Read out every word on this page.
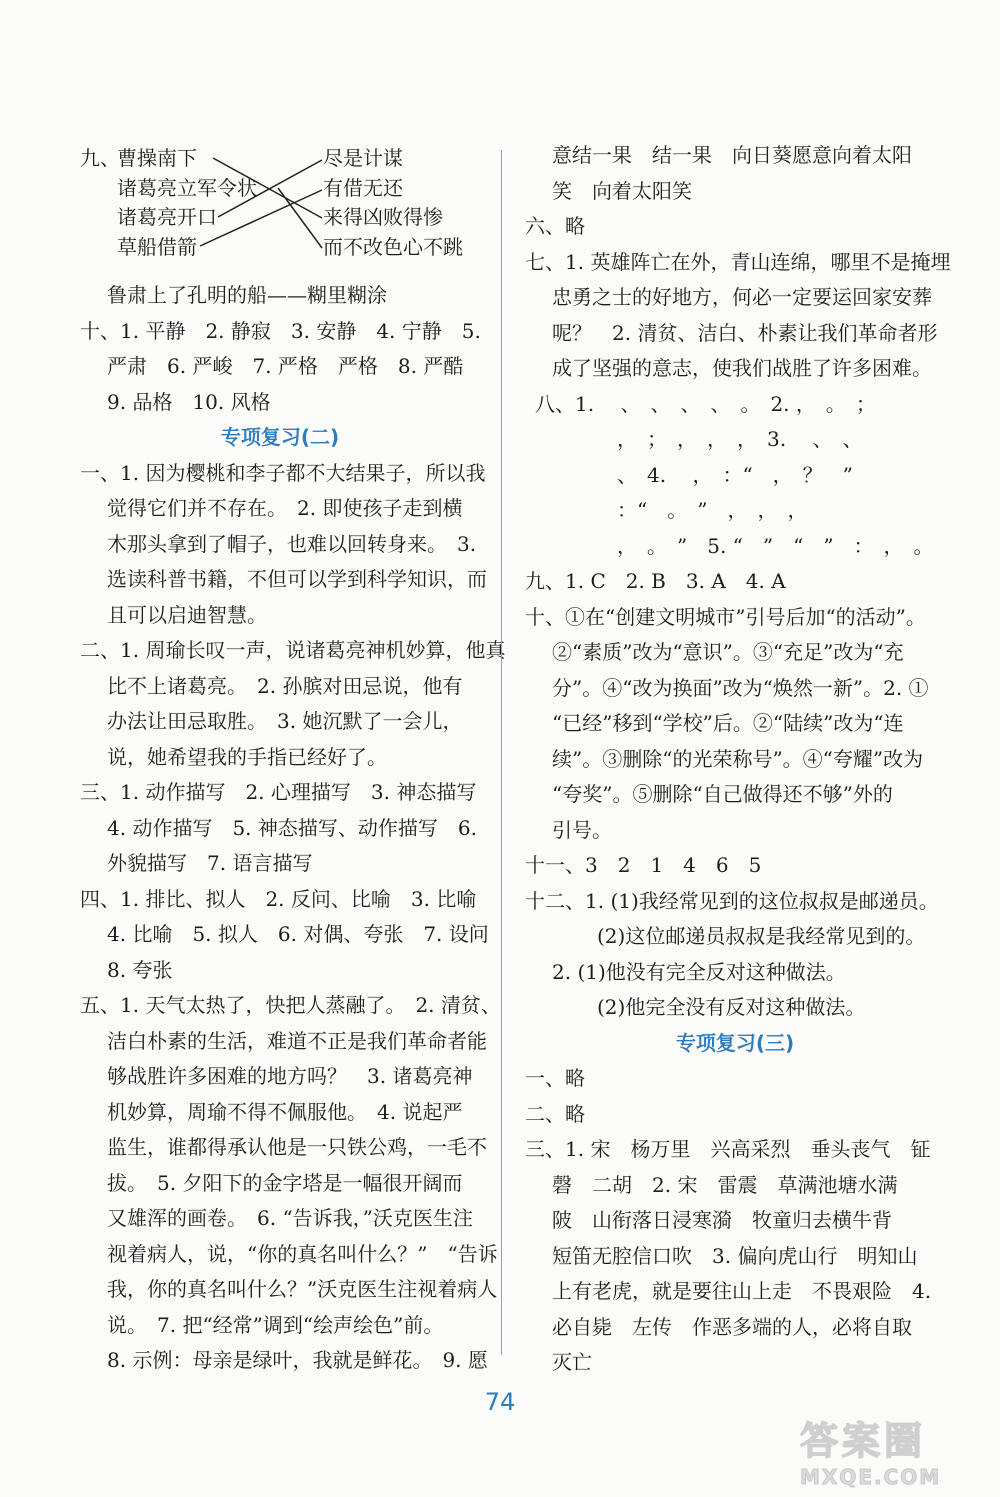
九、
曹操南下
诸葛亮立军令状
诸葛亮开口
草船借箭
尽是计谋
有借无还
来得凶败得惨
而不改色心不跳
鲁肃上了孔明的船——糊里糊涂
十、1. 平静　2. 静寂　3. 安静　4. 宁静　5.
严肃　6. 严峻　7. 严格　严格　8. 严酷
9. 品格　10. 风格
专项复习(二)
一、1. 因为樱桃和李子都不大结果子，所以我
觉得它们并不存在。　2. 即使孩子走到横
木那头拿到了帽子，也难以回转身来。　3.
选读科普书籍，不但可以学到科学知识，而
且可以启迪智慧。
二、1. 周瑜长叹一声，说诸葛亮神机妙算，他真
比不上诸葛亮。　2. 孙膑对田忌说，他有
办法让田忌取胜。　3. 她沉默了一会儿，
说，她希望我的手指已经好了。
三、1. 动作描写　2. 心理描写　3. 神态描写
4. 动作描写　5. 神态描写、动作描写　6.
外貌描写　7. 语言描写
四、1. 排比、拟人　2. 反问、比喻　3. 比喻
4. 比喻　5. 拟人　6. 对偶、夸张　7. 设问
8. 夸张
五、1. 天气太热了，快把人蒸融了。　2. 清贫、
洁白朴素的生活，难道不正是我们革命者能
够战胜许多困难的地方吗？　3. 诸葛亮神
机妙算，周瑜不得不佩服他。　4. 说起严
监生，谁都得承认他是一只铁公鸡，一毛不
拔。　5. 夕阳下的金字塔是一幅很开阔而
又雄浑的画卷。　6. “告诉我，”沃克医生注
视着病人，说，“你的真名叫什么？”　“告诉
我，你的真名叫什么？”沃克医生注视着病人
说。　7. 把“经常”调到“绘声绘色”前。
8. 示例：母亲是绿叶，我就是鲜花。　9. 愿
意结一果　结一果　向日葵愿意向着太阳
笑　向着太阳笑
六、略
七、1. 英雄阵亡在外，青山连绵，哪里不是掩埋
忠勇之士的好地方，何必一定要运回家安葬
呢？　2. 清贫、洁白、朴素让我们革命者形
成了坚强的意志，使我们战胜了许多困难。
八、1. 　、　、　、　、　。　2. ，　。　；
　，　；　，　，　，　3. 　、　、
　、　4. 　，　：“　，　？　”
　：“　。　”　，　，　，
　，　。　”　5. “　”　“　”　：　，　。
九、1. C　2. B　3. A　4. A
十、①在“创建文明城市”引号后加“的活动”。
②“素质”改为“意识”。③“充足”改为“充
分”。④“改为换面”改为“焕然一新”。2. ①
“已经”移到“学校”后。②“陆续”改为“连
续”。③删除“的光荣称号”。④“夸耀”改为
“夸奖”。⑤删除“自己做得还不够”外的
引号。
十一、3　2　1　4　6　5
十二、1. (1)我经常见到的这位叔叔是邮递员。
(2)这位邮递员叔叔是我经常见到的。
2. (1)他没有完全反对这种做法。
(2)他完全没有反对这种做法。
专项复习(三)
一、略
二、略
三、1. 宋　杨万里　兴高采烈　垂头丧气　钲
磬　二胡　2. 宋　雷震　草满池塘水满
陂　山衔落日浸寒漪　牧童归去横牛背
短笛无腔信口吹　3. 偏向虎山行　明知山
上有老虎，就是要往山上走　不畏艰险　4.
必自毙　左传　作恶多端的人，必将自取
灭亡
74
答案圈
MXQE.COM
